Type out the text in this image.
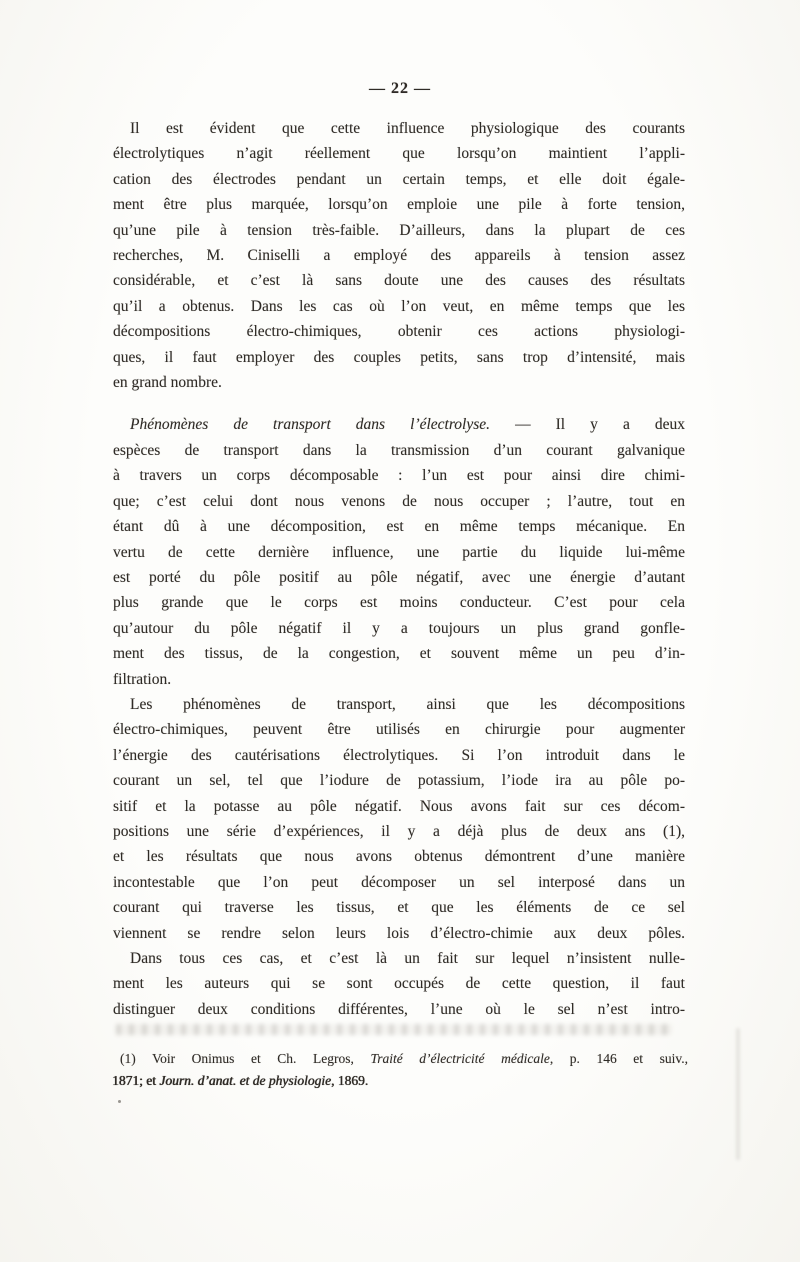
— 22 —
Il est évident que cette influence physiologique des courants
électrolytiques n’agit réellement que lorsqu’on maintient l’appli-
cation des électrodes pendant un certain temps, et elle doit égale-
ment être plus marquée, lorsqu’on emploie une pile à forte tension,
qu’une pile à tension très-faible. D’ailleurs, dans la plupart de ces
recherches, M. Ciniselli a employé des appareils à tension assez
considérable, et c’est là sans doute une des causes des résultats
qu’il a obtenus. Dans les cas où l’on veut, en même temps que les
décompositions électro-chimiques, obtenir ces actions physiologi-
ques, il faut employer des couples petits, sans trop d’intensité, mais
en grand nombre.
Phénomènes de transport dans l’électrolyse. — Il y a deux
espèces de transport dans la transmission d’un courant galvanique
à travers un corps décomposable : l’un est pour ainsi dire chimi-
que; c’est celui dont nous venons de nous occuper ; l’autre, tout en
étant dû à une décomposition, est en même temps mécanique. En
vertu de cette dernière influence, une partie du liquide lui-même
est porté du pôle positif au pôle négatif, avec une énergie d’autant
plus grande que le corps est moins conducteur. C’est pour cela
qu’autour du pôle négatif il y a toujours un plus grand gonfle-
ment des tissus, de la congestion, et souvent même un peu d’in-
filtration.
Les phénomènes de transport, ainsi que les décompositions
électro-chimiques, peuvent être utilisés en chirurgie pour augmenter
l’énergie des cautérisations électrolytiques. Si l’on introduit dans le
courant un sel, tel que l’iodure de potassium, l’iode ira au pôle po-
sitif et la potasse au pôle négatif. Nous avons fait sur ces décom-
positions une série d’expériences, il y a déjà plus de deux ans (1),
et les résultats que nous avons obtenus démontrent d’une manière
incontestable que l’on peut décomposer un sel interposé dans un
courant qui traverse les tissus, et que les éléments de ce sel
viennent se rendre selon leurs lois d’électro-chimie aux deux pôles.
Dans tous ces cas, et c’est là un fait sur lequel n’insistent nulle-
ment les auteurs qui se sont occupés de cette question, il faut
distinguer deux conditions différentes, l’une où le sel n’est intro-
(1) Voir Onimus et Ch. Legros, Traité d’électricité médicale, p. 146 et suiv.,
1871; et Journ. d’anat. et de physiologie, 1869.
